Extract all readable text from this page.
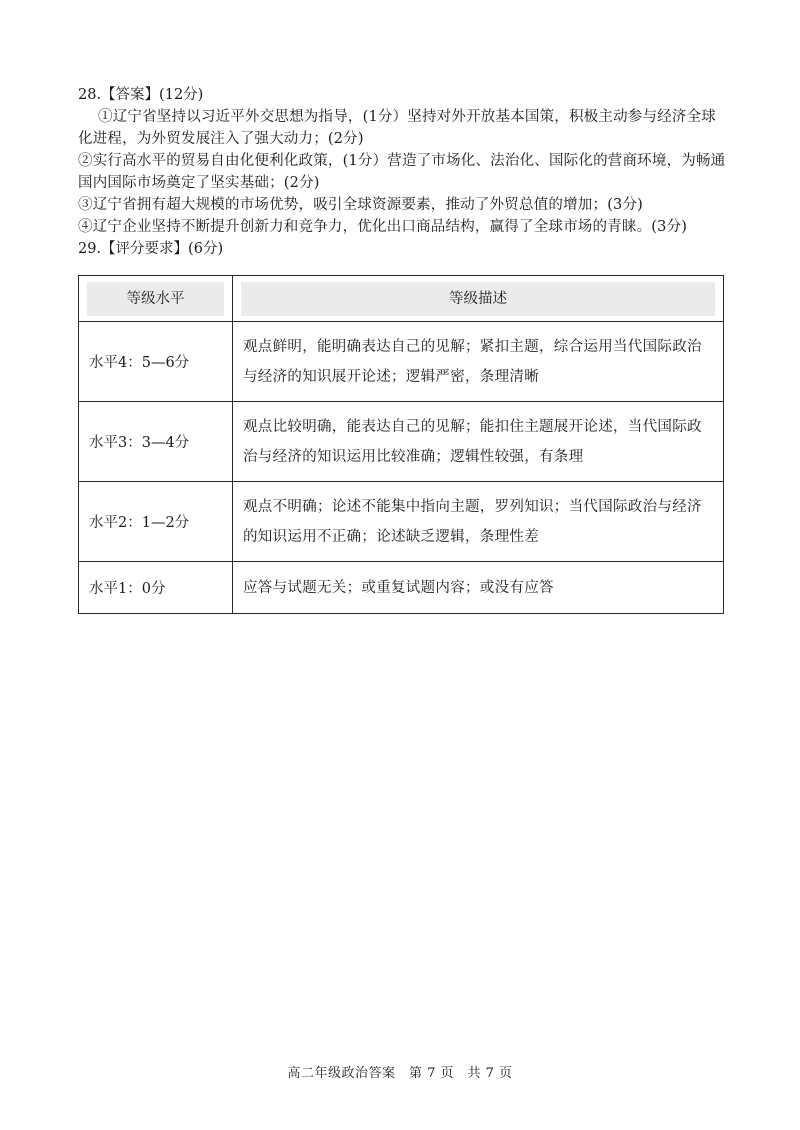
28.【答案】(12分)

①辽宁省坚持以习近平外交思想为指导，(1分）坚持对外开放基本国策，积极主动参与经济全球化进程，为外贸发展注入了强大动力；(2分)

②实行高水平的贸易自由化便利化政策，(1分）营造了市场化、法治化、国际化的营商环境，为畅通国内国际市场奠定了坚实基础；(2分)

③辽宁省拥有超大规模的市场优势，吸引全球资源要素，推动了外贸总值的增加；(3分)

④辽宁企业坚持不断提升创新力和竞争力，优化出口商品结构，赢得了全球市场的青睐。(3分)

29.【评分要求】(6分)

等级水平	等级描述

水平4：5—6分	观点鲜明，能明确表达自己的见解；紧扣主题，综合运用当代国际政治与经济的知识展开论述；逻辑严密，条理清晰
水平3：3—4分	观点比较明确，能表达自己的见解；能扣住主题展开论述，当代国际政治与经济的知识运用比较准确；逻辑性较强，有条理
水平2：1—2分	观点不明确；论述不能集中指向主题，罗列知识；当代国际政治与经济的知识运用不正确；论述缺乏逻辑，条理性差
水平1：0分	应答与试题无关；或重复试题内容；或没有应答
高二年级政治答案　第 7 页　共 7 页
